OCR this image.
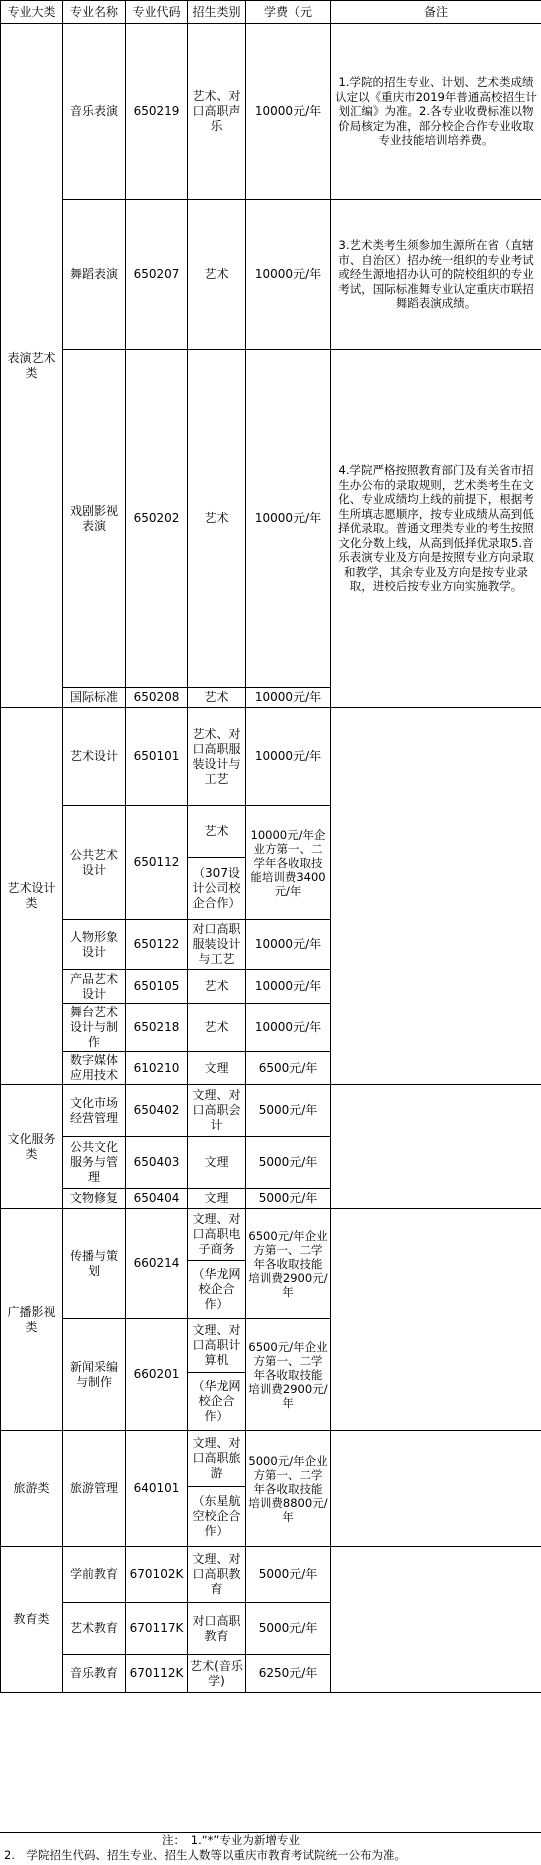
专业大类	专业名称	专业代码	招生类别	学费（元	备注
表演艺术类	音乐表演	650219	艺术、对口高职声乐	10000元/年	1.学院的招生专业、计划、艺术类成绩认定以《重庆市2019年普通高校招生计划汇编》为准。2.各专业收费标准以物价局核定为准，部分校企合作专业收取专业技能培训培养费。
	舞蹈表演	650207	艺术	10000元/年	3.艺术类考生须参加生源所在省（直辖市、自治区）招办统一组织的专业考试或经生源地招办认可的院校组织的专业考试，国际标准舞专业认定重庆市联招舞蹈表演成绩。
	戏剧影视表演	650202	艺术	10000元/年	4.学院严格按照教育部门及有关省市招生办公布的录取规则，艺术类考生在文化、专业成绩均上线的前提下，根据考生所填志愿顺序，按专业成绩从高到低择优录取。普通文理类专业的考生按照文化分数上线，从高到低择优录取5.音乐表演专业及方向是按照专业方向录取和教学，其余专业及方向是按专业录取，进校后按专业方向实施教学。
	国际标准	650208	艺术	10000元/年	
艺术设计类	艺术设计	650101	艺术、对口高职服装设计与工艺	10000元/年	
	公共艺术设计	650112	艺术	10000元/年企业方第一、二学年各收取技能培训费3400元/年	
			（307设计公司校企合作）		
	人物形象设计	650122	对口高职服装设计与工艺	10000元/年	
	产品艺术设计	650105	艺术	10000元/年	
	舞台艺术设计与制作	650218	艺术	10000元/年	
	数字媒体应用技术	610210	文理	6500元/年	
文化服务类	文化市场经营管理	650402	文理、对口高职会计	5000元/年	
	公共文化服务与管理	650403	文理	5000元/年	
	文物修复	650404	文理	5000元/年	
广播影视类	传播与策划	660214	文理、对口高职电子商务	6500元/年企业方第一、二学年各收取技能培训费2900元/年	
			（华龙网校企合作）		
	新闻采编与制作	660201	文理、对口高职计算机	6500元/年企业方第一、二学年各收取技能培训费2900元/年	
			（华龙网校企合作）		
旅游类	旅游管理	640101	文理、对口高职旅游	5000元/年企业方第一、二学年各收取技能培训费8800元/年	
			（东星航空校企合作）		
教育类	学前教育	670102K	文理、对口高职教育	5000元/年	
	艺术教育	670117K	对口高职教育	5000元/年	
	音乐教育	670112K	艺术(音乐学)	6250元/年	
注：　1.“*”专业为新增专业
2.　学院招生代码、招生专业、招生人数等以重庆市教育考试院统一公布为准。
